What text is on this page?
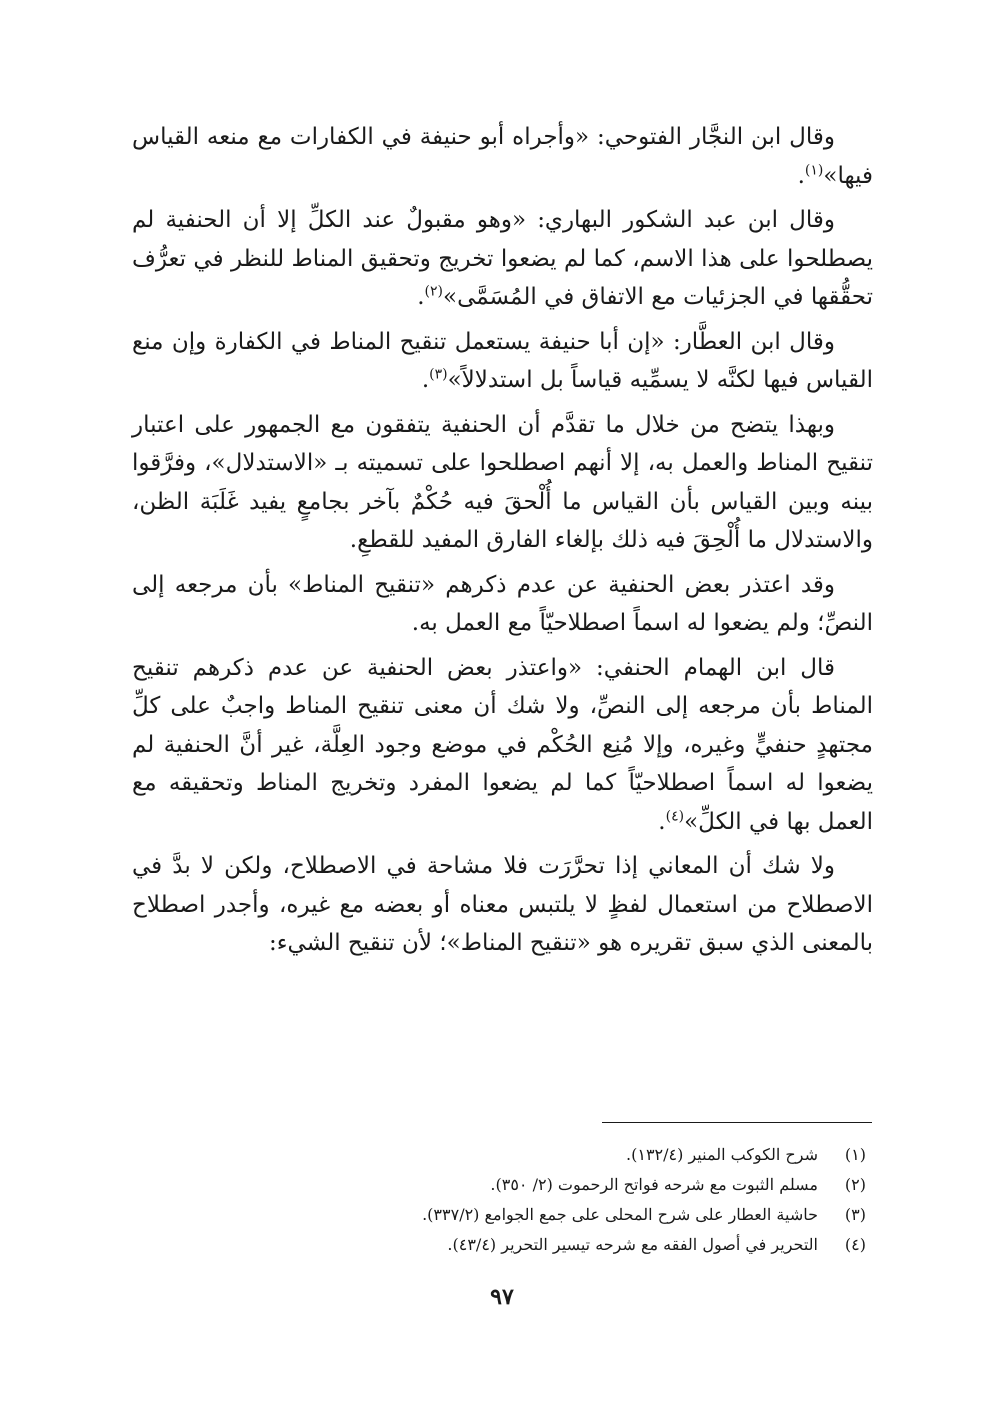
وقال ابن النجَّار الفتوحي: «وأجراه أبو حنيفة في الكفارات مع منعه القياس فيها»$^{(١)}$.

وقال ابن عبد الشكور البهاري: «وهو مقبولٌ عند الكلِّ إلا أن الحنفية لم يصطلحوا على هذا الاسم، كما لم يضعوا تخريج وتحقيق المناط للنظر في تعرُّف تحقُّقها في الجزئيات مع الاتفاق في المُسَمَّى»$^{(٢)}$.

وقال ابن العطَّار: «إن أبا حنيفة يستعمل تنقيح المناط في الكفارة وإن منع القياس فيها لكنَّه لا يسمِّيه قياساً بل استدلالاً»$^{(٣)}$.

وبهذا يتضح من خلال ما تقدَّم أن الحنفية يتفقون مع الجمهور على اعتبار تنقيح المناط والعمل به، إلا أنهم اصطلحوا على تسميته بـ «الاستدلال»، وفرَّقوا بينه وبين القياس بأن القياس ما أُلْحقَ فيه حُكْمٌ بآخر بجامعٍ يفيد غَلَبَة الظن، والاستدلال ما أُلْحِقَ فيه ذلك بإلغاء الفارق المفيد للقطعِ.

وقد اعتذر بعض الحنفية عن عدم ذكرهم «تنقيح المناط» بأن مرجعه إلى النصِّ؛ ولم يضعوا له اسماً اصطلاحيّاً مع العمل به.

قال ابن الهمام الحنفي: «واعتذر بعض الحنفية عن عدم ذكرهم تنقيح المناط بأن مرجعه إلى النصِّ، ولا شك أن معنى تنقيح المناط واجبٌ على كلِّ مجتهدٍ حنفيٍّ وغيره، وإلا مُنِع الحُكْم في موضع وجود العِلَّة، غير أنَّ الحنفية لم يضعوا له اسماً اصطلاحيّاً كما لم يضعوا المفرد وتخريج المناط وتحقيقه مع العمل بها في الكلِّ»$^{(٤)}$.

ولا شك أن المعاني إذا تحرَّرَت فلا مشاحة في الاصطلاح، ولكن لا بدَّ في الاصطلاح من استعمال لفظٍ لا يلتبس معناه أو بعضه مع غيره، وأجدر اصطلاح بالمعنى الذي سبق تقريره هو «تنقيح المناط»؛ لأن تنقيح الشيء:

(١)
شرح الكوكب المنير (١٣٢/٤).
(٢)
مسلم الثبوت مع شرحه فواتح الرحموت (٢/ ٣٥٠).
(٣)
حاشية العطار على شرح المحلى على جمع الجوامع (٣٣٧/٢).
(٤)
التحرير في أصول الفقه مع شرحه تيسير التحرير (٤٣/٤).
٩٧
